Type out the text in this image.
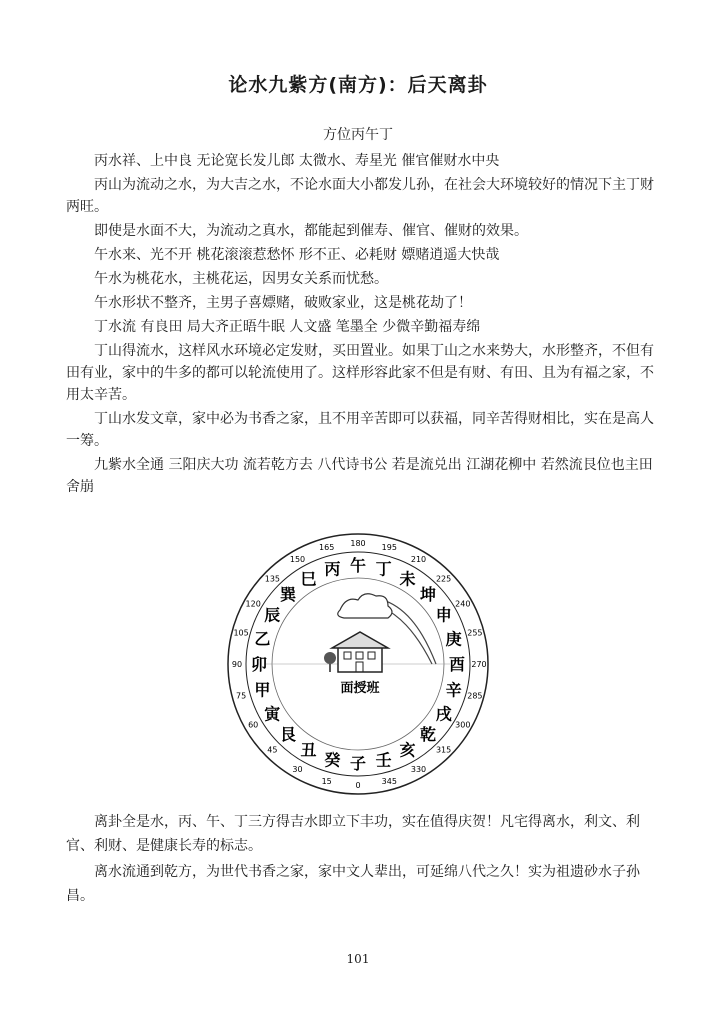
论水九紫方(南方)：后天离卦
方位丙午丁

丙水祥、上中良 无论宽长发儿郎 太微水、寿星光 催官催财水中央

丙山为流动之水，为大吉之水，不论水面大小都发儿孙，在社会大环境较好的情况下主丁财两旺。

即使是水面不大，为流动之真水，都能起到催寿、催官、催财的效果。

午水来、光不开 桃花滚滚惹愁怀 形不正、必耗财 嫖赌逍遥大快哉

午水为桃花水，主桃花运，因男女关系而忧愁。

午水形状不整齐，主男子喜嫖赌，破败家业，这是桃花劫了！

丁水流 有良田 局大齐正晤牛眠 人文盛 笔墨全 少微辛勤福寿绵

丁山得流水，这样风水环境必定发财，买田置业。如果丁山之水来势大，水形整齐，不但有田有业，家中的牛多的都可以轮流使用了。这样形容此家不但是有财、有田、且为有福之家，不用太辛苦。

丁山水发文章，家中必为书香之家，且不用辛苦即可以获福，同辛苦得财相比，实在是高人一筹。

九紫水全通 三阳庆大功 流若乾方去 八代诗书公 若是流兑出 江湖花柳中 若然流艮位也主田舍崩

午 丁
未
坤
申
庚
酉
辛
戌
乾
亥
壬
子
癸
丑
艮
寅
甲
卯
乙
辰
巽
巳
丙
180 195
210
225
240
255
270
285
300
315
330
345
0
15
30
45
60
75
90
105
120
135
150
165
面授班

离卦全是水，丙、午、丁三方得吉水即立下丰功，实在值得庆贺！凡宅得离水，利文、利官、利财、是健康长寿的标志。

离水流通到乾方，为世代书香之家，家中文人辈出，可延绵八代之久！实为祖遗砂水子孙昌。

101
